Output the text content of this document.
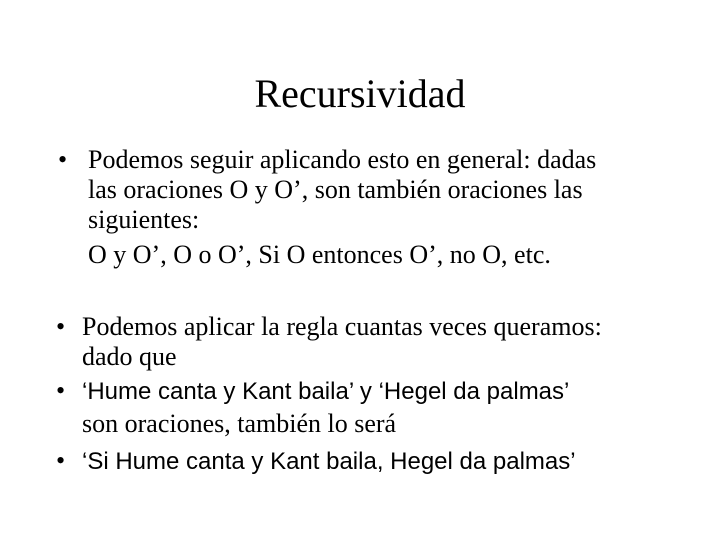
Recursividad
• Podemos seguir aplicando esto en general: dadas
las oraciones O y O’, son también oraciones las
siguientes:
O y O’, O o O’, Si O entonces O’, no O, etc.
• Podemos aplicar la regla cuantas veces queramos:
dado que
• ‘Hume canta y Kant baila’ y ‘Hegel da palmas’
son oraciones, también lo será
• ‘Si Hume canta y Kant baila, Hegel da palmas’
